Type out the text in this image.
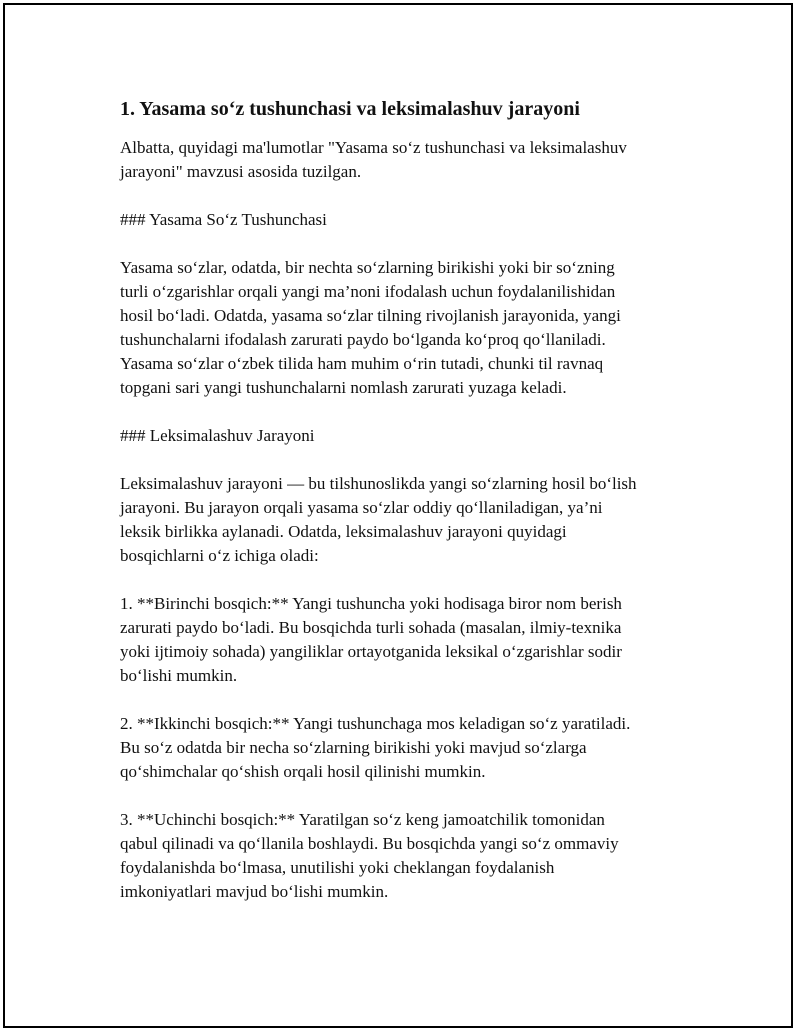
1. Yasama so‘z tushunchasi va leksimalashuv jarayoni

Albatta, quyidagi ma'lumotlar "Yasama so‘z tushunchasi va leksimalashuv
jarayoni" mavzusi asosida tuzilgan.

### Yasama So‘z Tushunchasi

Yasama so‘zlar, odatda, bir nechta so‘zlarning birikishi yoki bir so‘zning
turli o‘zgarishlar orqali yangi ma’noni ifodalash uchun foydalanilishidan
hosil bo‘ladi. Odatda, yasama so‘zlar tilning rivojlanish jarayonida, yangi
tushunchalarni ifodalash zarurati paydo bo‘lganda ko‘proq qo‘llaniladi.
Yasama so‘zlar o‘zbek tilida ham muhim o‘rin tutadi, chunki til ravnaq
topgani sari yangi tushunchalarni nomlash zarurati yuzaga keladi.

### Leksimalashuv Jarayoni

Leksimalashuv jarayoni — bu tilshunoslikda yangi so‘zlarning hosil bo‘lish
jarayoni. Bu jarayon orqali yasama so‘zlar oddiy qo‘llaniladigan, ya’ni
leksik birlikka aylanadi. Odatda, leksimalashuv jarayoni quyidagi
bosqichlarni o‘z ichiga oladi:

1. **Birinchi bosqich:** Yangi tushuncha yoki hodisaga biror nom berish
zarurati paydo bo‘ladi. Bu bosqichda turli sohada (masalan, ilmiy-texnika
yoki ijtimoiy sohada) yangiliklar ortayotganida leksikal o‘zgarishlar sodir
bo‘lishi mumkin.

2. **Ikkinchi bosqich:** Yangi tushunchaga mos keladigan so‘z yaratiladi.
Bu so‘z odatda bir necha so‘zlarning birikishi yoki mavjud so‘zlarga
qo‘shimchalar qo‘shish orqali hosil qilinishi mumkin.

3. **Uchinchi bosqich:** Yaratilgan so‘z keng jamoatchilik tomonidan
qabul qilinadi va qo‘llanila boshlaydi. Bu bosqichda yangi so‘z ommaviy
foydalanishda bo‘lmasa, unutilishi yoki cheklangan foydalanish
imkoniyatlari mavjud bo‘lishi mumkin.
